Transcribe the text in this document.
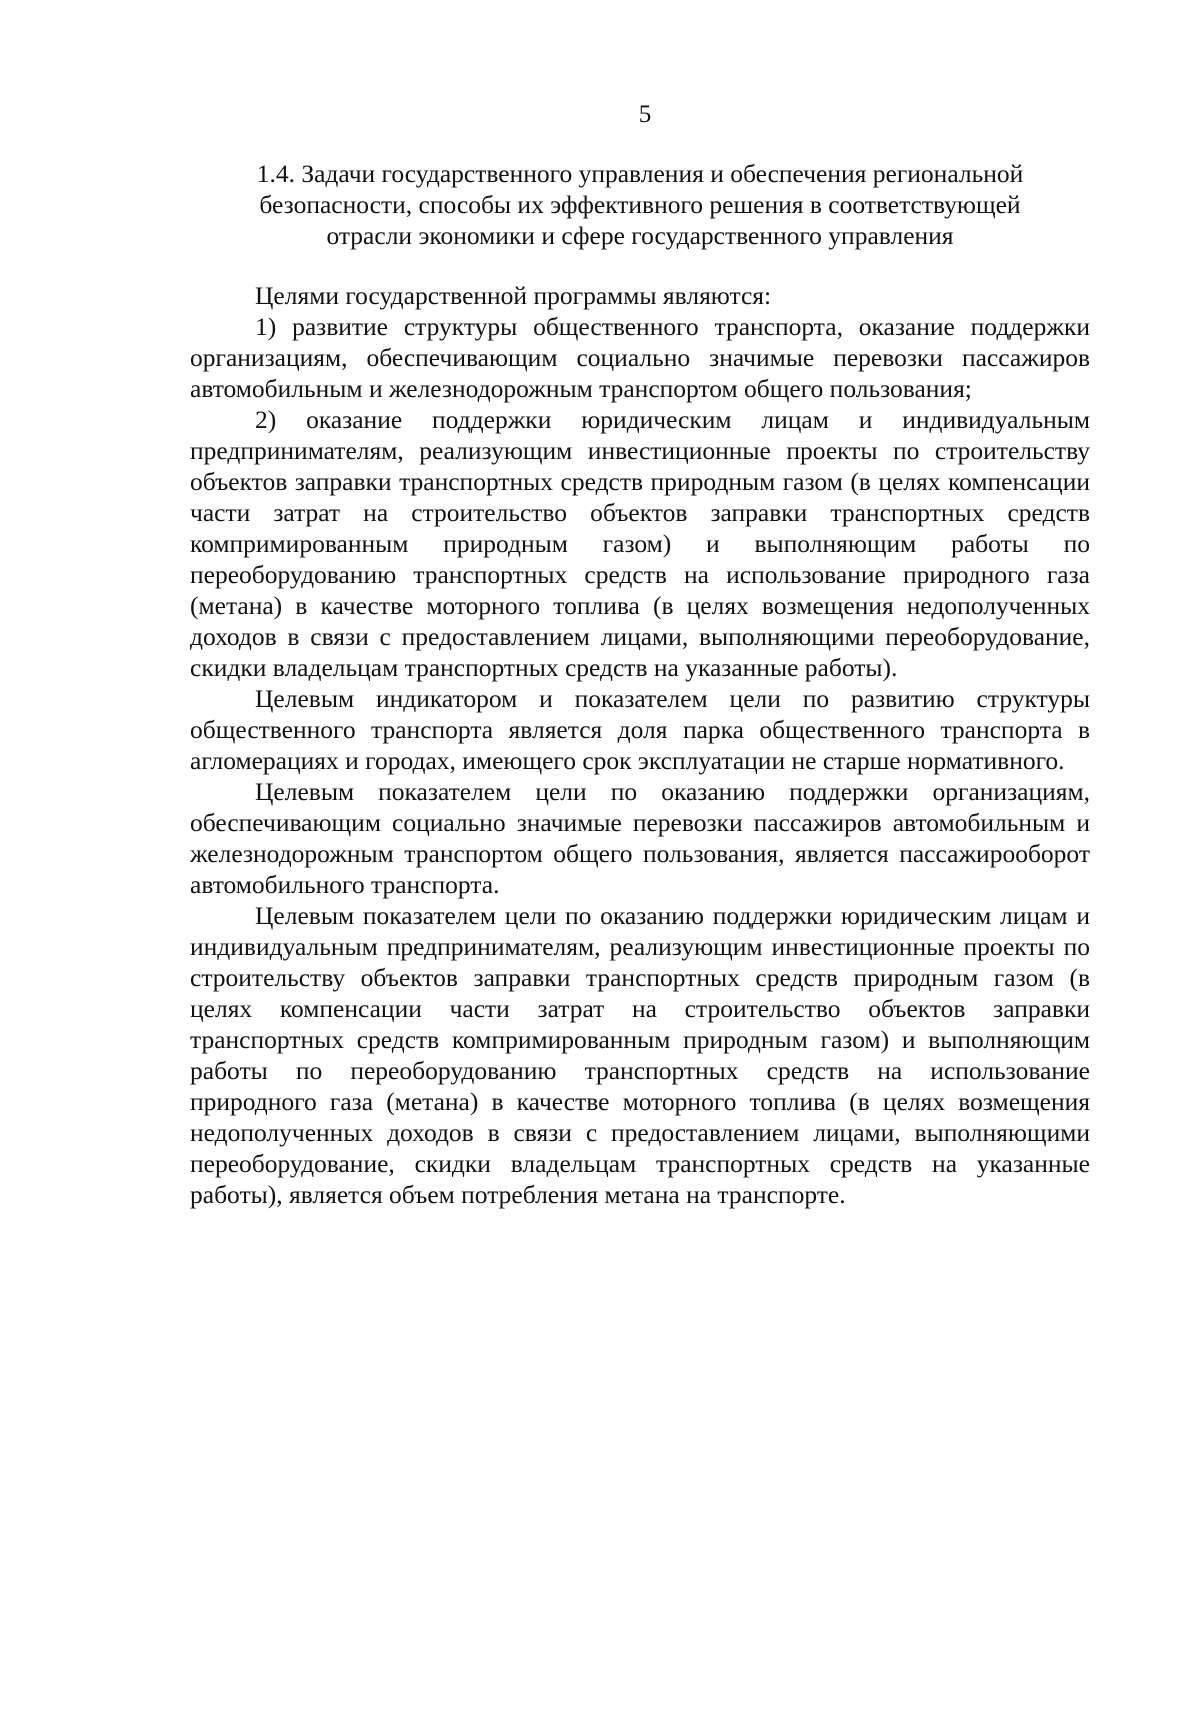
5
1.4. Задачи государственного управления и обеспечения региональной
безопасности, способы их эффективного решения в соответствующей
отрасли экономики и сфере государственного управления

Целями государственной программы являются:

1) развитие структуры общественного транспорта, оказание поддержки организациям, обеспечивающим социально значимые перевозки пассажиров автомобильным и железнодорожным транспортом общего пользования;

2) оказание поддержки юридическим лицам и индивидуальным предпринимателям, реализующим инвестиционные проекты по строительству объектов заправки транспортных средств природным газом (в целях компенсации части затрат на строительство объектов заправки транспортных средств компримированным природным газом) и выполняющим работы по переоборудованию транспортных средств на использование природного газа (метана) в качестве моторного топлива (в целях возмещения недополученных доходов в связи с предоставлением лицами, выполняющими переоборудование, скидки владельцам транспортных средств на указанные работы).

Целевым индикатором и показателем цели по развитию структуры общественного транспорта является доля парка общественного транспорта в агломерациях и городах, имеющего срок эксплуатации не старше нормативного.

Целевым показателем цели по оказанию поддержки организациям, обеспечивающим социально значимые перевозки пассажиров автомобильным и железнодорожным транспортом общего пользования, является пассажирооборот автомобильного транспорта.

Целевым показателем цели по оказанию поддержки юридическим лицам и индивидуальным предпринимателям, реализующим инвестиционные проекты по строительству объектов заправки транспортных средств природным газом (в целях компенсации части затрат на строительство объектов заправки транспортных средств компримированным природным газом) и выполняющим работы по переоборудованию транспортных средств на использование природного газа (метана) в качестве моторного топлива (в целях возмещения недополученных доходов в связи с предоставлением лицами, выполняющими переоборудование, скидки владельцам транспортных средств на указанные работы), является объем потребления метана на транспорте.
